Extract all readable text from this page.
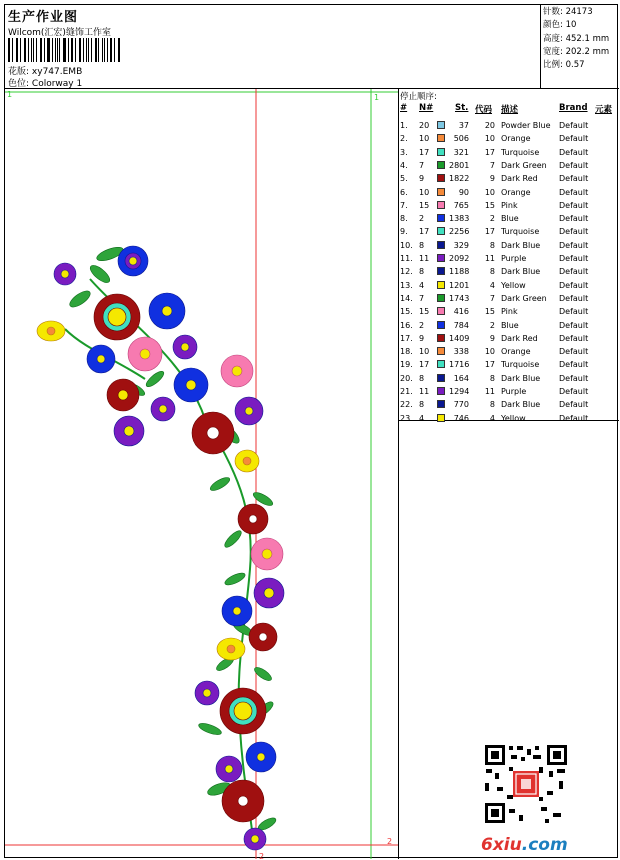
生产作业图
Wilcom(汇宏)缝饰工作室
花版: xy747.EMB
色位: Colorway 1
针数: 24173
颜色: 10
高度: 452.1 mm
宽度: 202.2 mm
比例: 0.57
1
2
1
2
停止顺序:
# N#	St. 代码 描述	Brand 元素
1. 20	37	20 Powder Blue Default
2. 10	506	10 Orange	Default
3. 17	321	17 Turquoise Default
4. 7	2801	7 Dark Green Default
5. 9	1822	9 Dark Red	Default
6. 10	90	10 Orange	Default
7. 15	765	15 Pink	Default
8. 2	1383	2 Blue	Default
9. 17 2256	17 Turquoise Default
10. 8	329	8 Dark Blue Default
11. 11 2092	11 Purple	Default
12. 8	1188	8 Dark Blue Default
13. 4	1201	4 Yellow	Default
14. 7	1743	7 Dark Green Default
15. 15	416	15 Pink	Default
16. 2	784	2 Blue	Default
17. 9	1409	9 Dark Red	Default
18. 10	338	10 Orange	Default
19. 17 1716	17 Turquoise Default
20. 8	164	8 Dark Blue Default
21. 11 1294	11 Purple	Default
22. 8	770	8 Dark Blue Default
23. 4	746	4 Yellow	Default
6xiu.com
